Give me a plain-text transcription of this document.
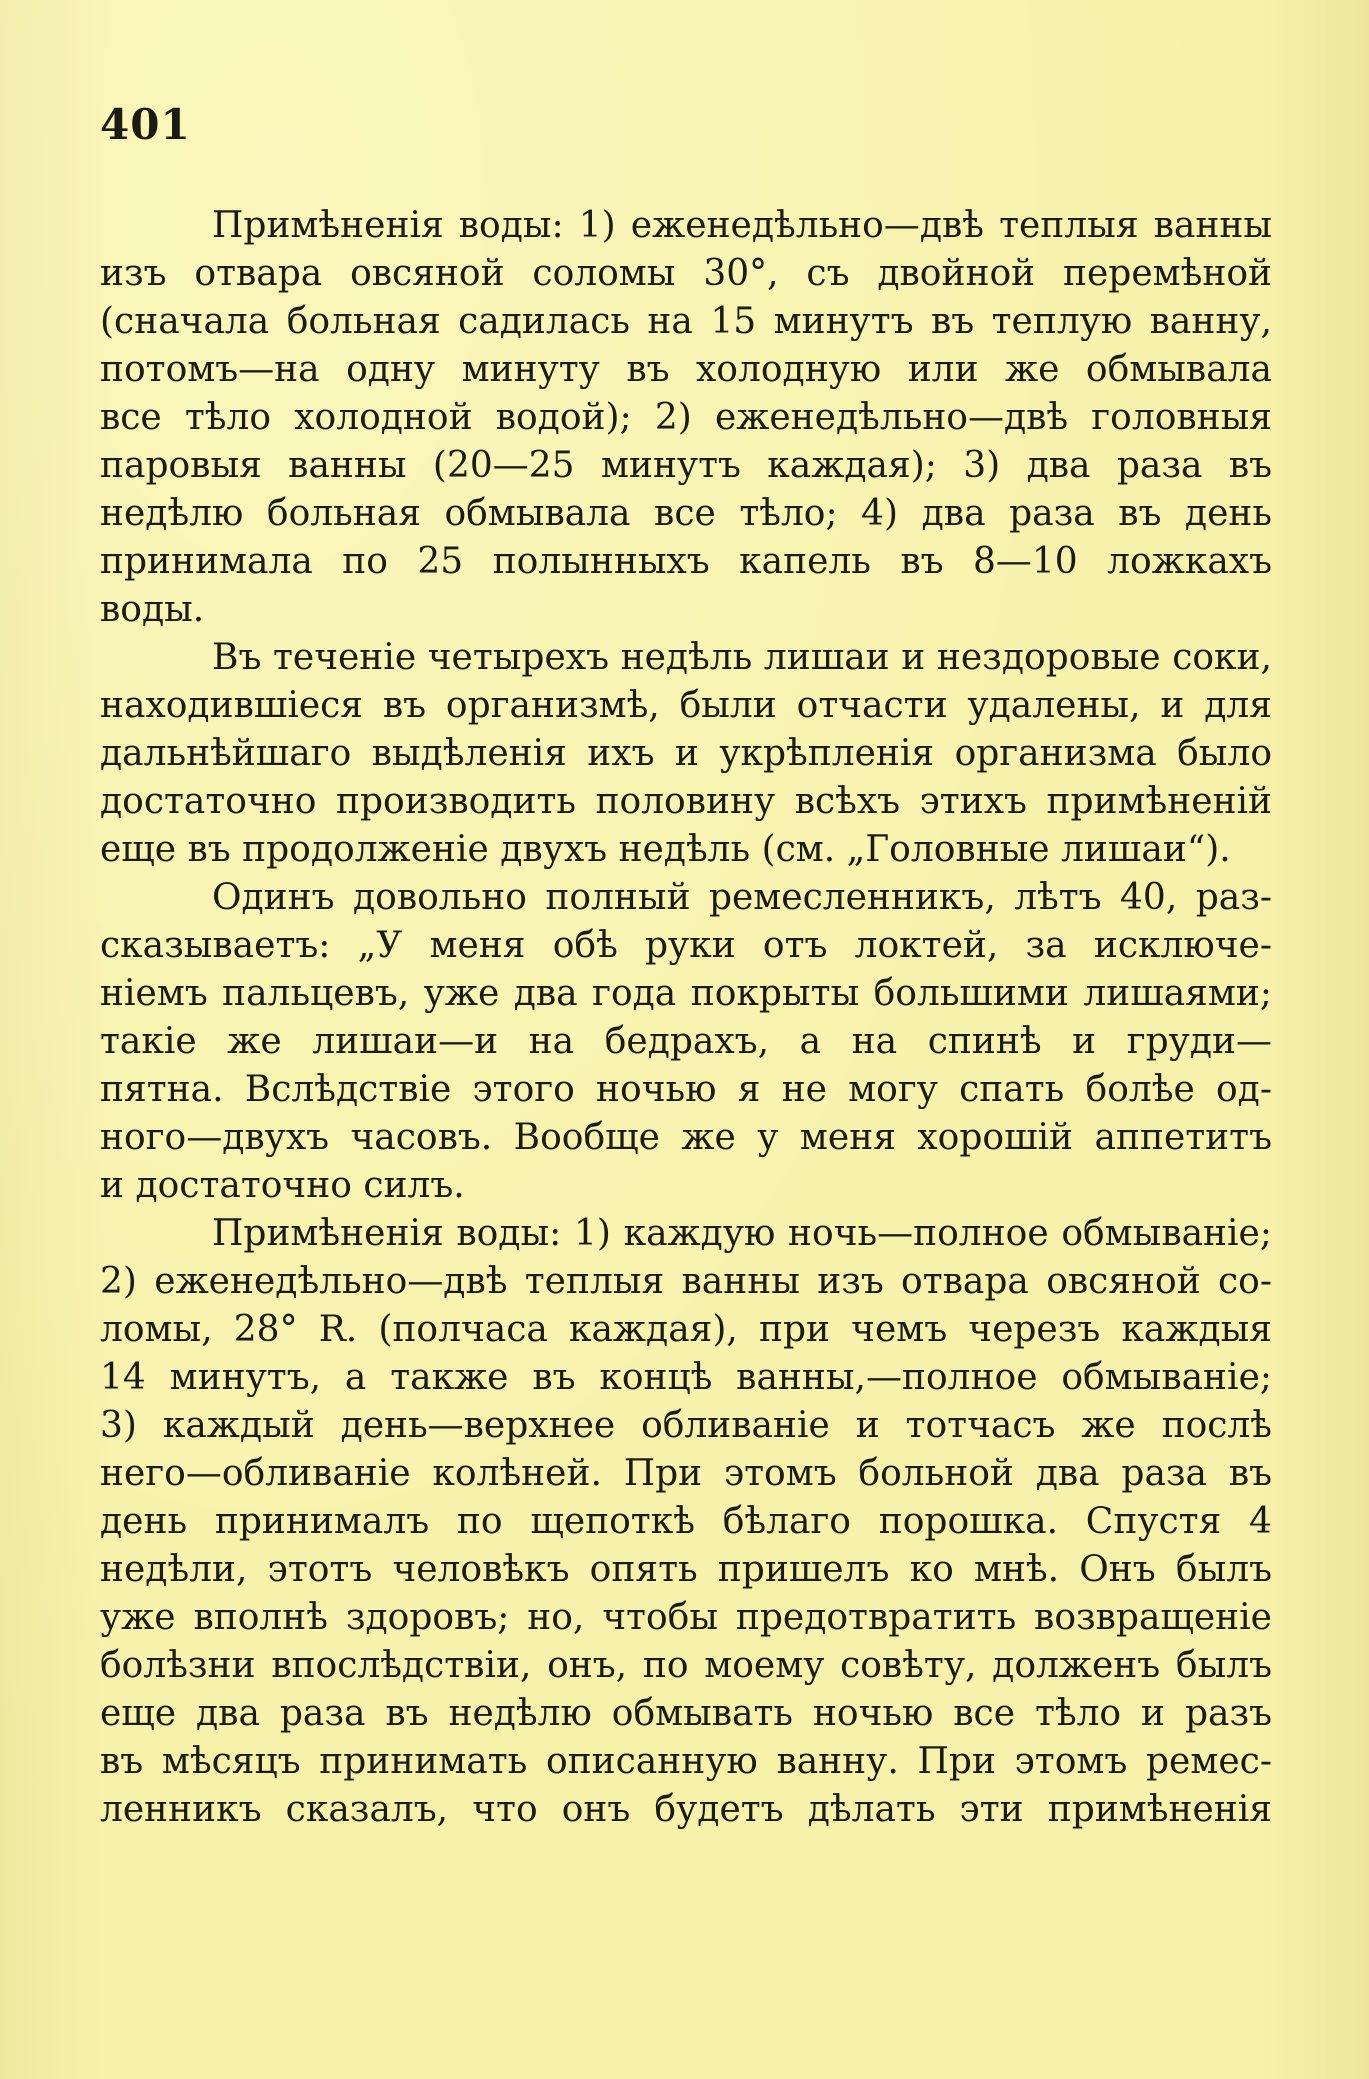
401
Примѣненія воды: 1) еженедѣльно—двѣ теплыя ванны
изъ отвара овсяной соломы 30°, съ двойной перемѣной
(сначала больная садилась на 15 минутъ въ теплую ванну,
потомъ—на одну минуту въ холодную или же обмывала
все тѣло холодной водой); 2) еженедѣльно—двѣ головныя
паровыя ванны (20—25 минутъ каждая); 3) два раза въ
недѣлю больная обмывала все тѣло; 4) два раза въ день
принимала по 25 полынныхъ капель въ 8—10 ложкахъ
воды.
Въ теченіе четырехъ недѣль лишаи и нездоровые соки,
находившіеся въ организмѣ, были отчасти удалены, и для
дальнѣйшаго выдѣленія ихъ и укрѣпленія организма было
достаточно производить половину всѣхъ этихъ примѣненій
еще въ продолженіе двухъ недѣль (см. „Головные лишаи“).
Одинъ довольно полный ремесленникъ, лѣтъ 40, раз-
сказываетъ: „У меня обѣ руки отъ локтей, за исключе-
ніемъ пальцевъ, уже два года покрыты большими лишаями;
такіе же лишаи—и на бедрахъ, а на спинѣ и груди—
пятна. Вслѣдствіе этого ночью я не могу спать болѣе од-
ного—двухъ часовъ. Вообще же у меня хорошій аппетитъ
и достаточно силъ.
Примѣненія воды: 1) каждую ночь—полное обмываніе;
2) еженедѣльно—двѣ теплыя ванны изъ отвара овсяной со-
ломы, 28° R. (полчаса каждая), при чемъ черезъ каждыя
14 минутъ, а также въ концѣ ванны,—полное обмываніе;
3) каждый день—верхнее обливаніе и тотчасъ же послѣ
него—обливаніе колѣней. При этомъ больной два раза въ
день принималъ по щепоткѣ бѣлаго порошка. Спустя 4
недѣли, этотъ человѣкъ опять пришелъ ко мнѣ. Онъ былъ
уже вполнѣ здоровъ; но, чтобы предотвратить возвращеніе
болѣзни впослѣдствіи, онъ, по моему совѣту, долженъ былъ
еще два раза въ недѣлю обмывать ночью все тѣло и разъ
въ мѣсяцъ принимать описанную ванну. При этомъ ремес-
ленникъ сказалъ, что онъ будетъ дѣлать эти примѣненія
